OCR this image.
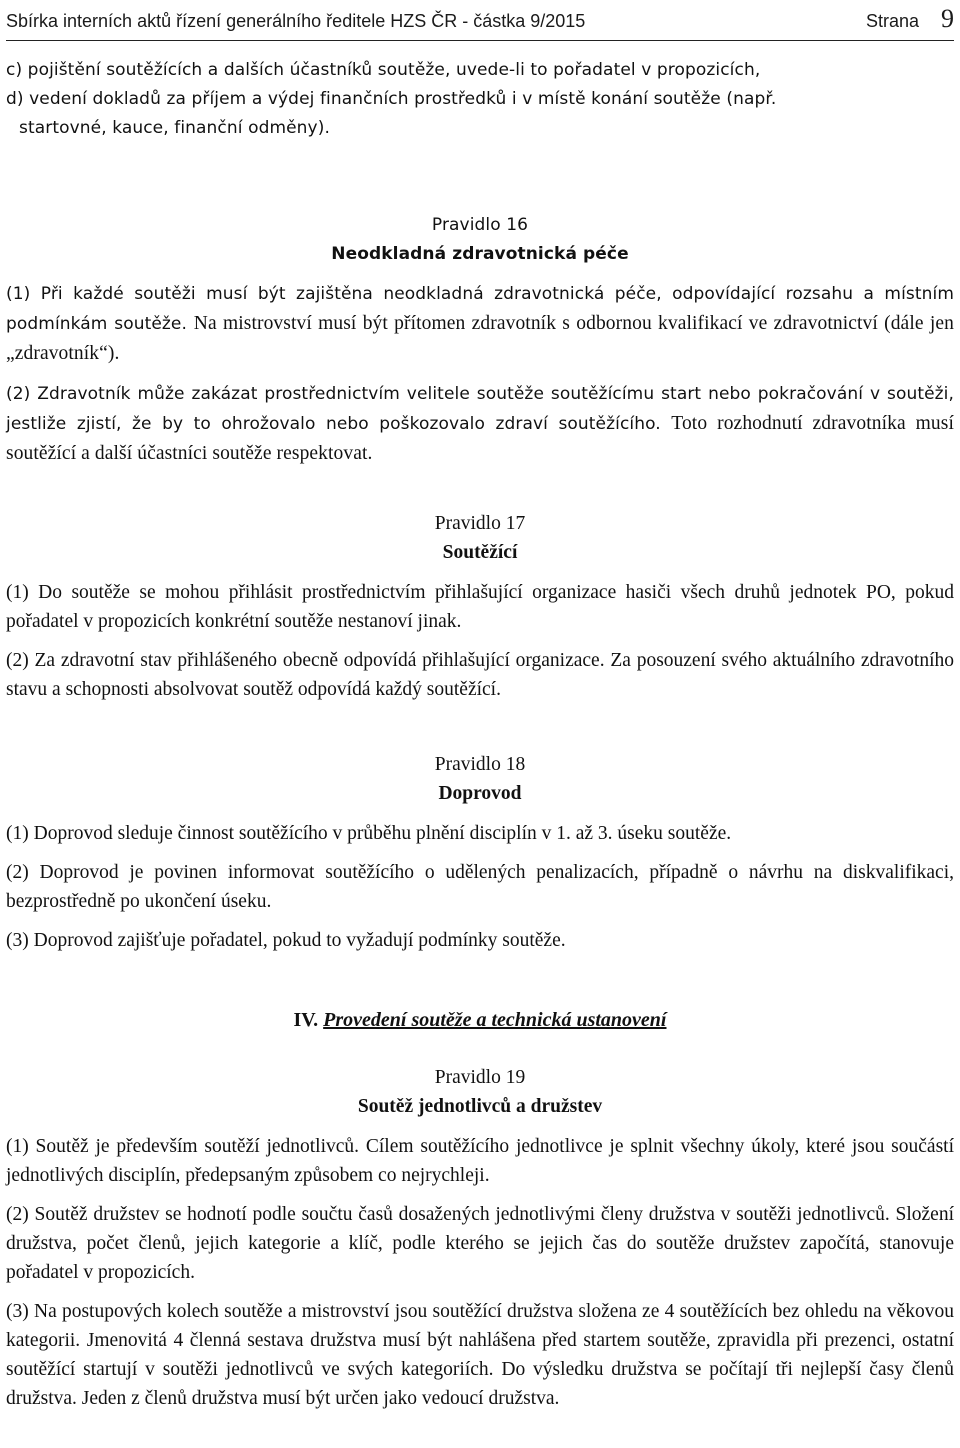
Sbírka interních aktů řízení generálního ředitele HZS ČR - částka 9/2015	Strana 9

c) pojištění soutěžících a dalších účastníků soutěže, uvede-li to pořadatel v propozicích,

d) vedení dokladů za příjem a výdej finančních prostředků i v místě konání soutěže (např.

startovné, kauce, finanční odměny).

Pravidlo 16
Neodkladná zdravotnická péče

(1) Při každé soutěži musí být zajištěna neodkladná zdravotnická péče, odpovídající rozsahu a místním podmínkám soutěže. Na mistrovství musí být přítomen zdravotník s odbornou kvalifikací ve zdravotnictví (dále jen „zdravotník“).

(2) Zdravotník může zakázat prostřednictvím velitele soutěže soutěžícímu start nebo pokračování v soutěži, jestliže zjistí, že by to ohrožovalo nebo poškozovalo zdraví soutěžícího. Toto rozhodnutí zdravotníka musí soutěžící a další účastníci soutěže respektovat.

Pravidlo 17
Soutěžící

(1) Do soutěže se mohou přihlásit prostřednictvím přihlašující organizace hasiči všech druhů jednotek PO, pokud pořadatel v propozicích konkrétní soutěže nestanoví jinak.

(2) Za zdravotní stav přihlášeného obecně odpovídá přihlašující organizace. Za posouzení svého aktuálního zdravotního stavu a schopnosti absolvovat soutěž odpovídá každý soutěžící.

Pravidlo 18
Doprovod

(1) Doprovod sleduje činnost soutěžícího v průběhu plnění disciplín v 1. až 3. úseku soutěže.

(2) Doprovod je povinen informovat soutěžícího o udělených penalizacích, případně o návrhu na diskvalifikaci, bezprostředně po ukončení úseku.

(3) Doprovod zajišťuje pořadatel, pokud to vyžadují podmínky soutěže.

IV. Provedení soutěže a technická ustanovení
Pravidlo 19
Soutěž jednotlivců a družstev

(1) Soutěž je především soutěží jednotlivců. Cílem soutěžícího jednotlivce je splnit všechny úkoly, které jsou součástí jednotlivých disciplín, předepsaným způsobem co nejrychleji.

(2) Soutěž družstev se hodnotí podle součtu časů dosažených jednotlivými členy družstva v soutěži jednotlivců. Složení družstva, počet členů, jejich kategorie a klíč, podle kterého se jejich čas do soutěže družstev započítá, stanovuje pořadatel v propozicích.

(3) Na postupových kolech soutěže a mistrovství jsou soutěžící družstva složena ze 4 soutěžících bez ohledu na věkovou kategorii. Jmenovitá 4 členná sestava družstva musí být nahlášena před startem soutěže, zpravidla při prezenci, ostatní soutěžící startují v soutěži jednotlivců ve svých kategoriích. Do výsledku družstva se počítají tři nejlepší časy členů družstva. Jeden z členů družstva musí být určen jako vedoucí družstva.
